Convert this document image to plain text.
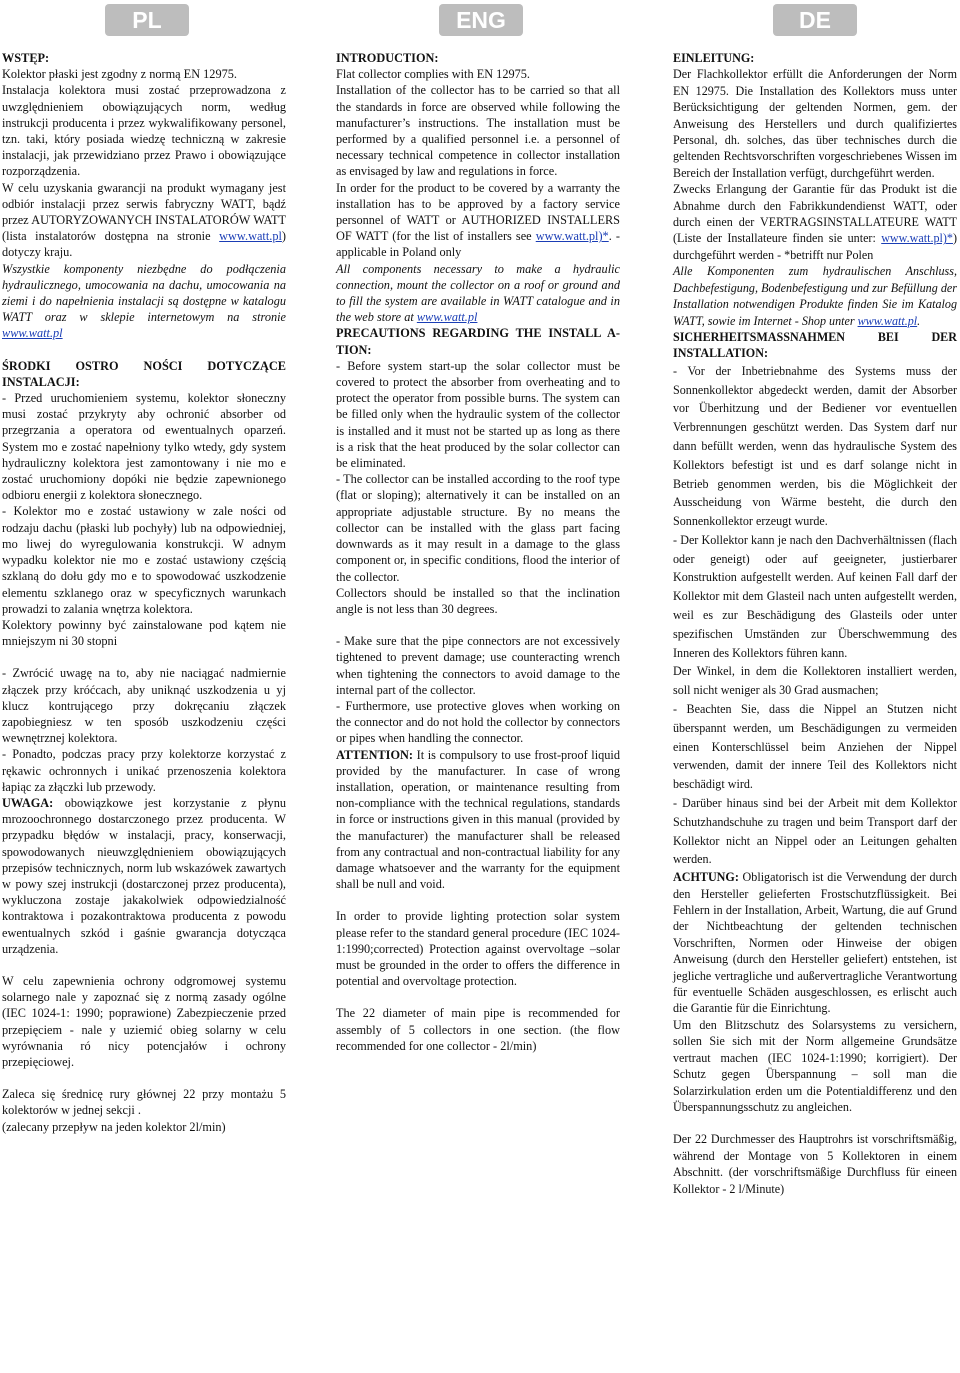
PL	ENG	DE

WSTĘP:

Kolektor płaski jest zgodny z normą EN 12975.

Instalacja kolektora musi zostać przeprowadzona z uwzględnieniem obowiązujących norm, według instrukcji producenta i przez wykwalifikowany personel, tzn. taki, który posiada wiedzę techniczną w zakresie instalacji, jak przewidziano przez Prawo i obowiązujące rozporządzenia.

W celu uzyskania gwarancji na produkt wymagany jest odbiór instalacji przez serwis fabryczny WATT, bądź przez AUTORYZOWANYCH INSTALATORÓW WATT (lista instalatorów dostępna na stronie www.watt.pl) dotyczy kraju.

Wszystkie komponenty niezbędne do podłączenia hydraulicznego, umocowania na dachu, umocowania na ziemi i do napełnienia instalacji są dostępne w katalogu WATT oraz w sklepie internetowym na stronie www.watt.pl

ŚRODKI OSTRO NOŚCI DOTYCZĄCE INSTALACJI:

- Przed uruchomieniem systemu, kolektor słoneczny musi zostać przykryty aby ochronić absorber od przegrzania a operatora od ewentualnych oparzeń. System mo e zostać napełniony tylko wtedy, gdy system hydrauliczny kolektora jest zamontowany i nie mo e zostać uruchomiony dopóki nie będzie zapewnionego odbioru energii z kolektora słonecznego.

- Kolektor mo e zostać ustawiony w zale ności od rodzaju dachu (płaski lub pochyły) lub na odpowiedniej, mo liwej do wyregulowania konstrukcji. W adnym wypadku kolektor nie mo e zostać ustawiony częścią szklaną do dołu gdy mo e to spowodować uszkodzenie elementu szklanego oraz w specyficznych warunkach prowadzi to zalania wnętrza kolektora.

Kolektory powinny być zainstalowane pod kątem nie mniejszym ni 30 stopni

- Zwrócić uwagę na to, aby nie naciągać nadmiernie złączek przy króćcach, aby uniknąć uszkodzenia u yj klucz kontrującego przy dokręcaniu złączek zapobiegniesz w ten sposób uszkodzeniu części wewnętrznej kolektora.

- Ponadto, podczas pracy przy kolektorze korzystać z rękawic ochronnych i unikać przenoszenia kolektora łapiąc za złączki lub przewody.

UWAGA: obowiązkowe jest korzystanie z płynu mrozoochronnego dostarczonego przez producenta. W przypadku błędów w instalacji, pracy, konserwacji, spowodowanych nieuwzględnieniem obowiązujących przepisów technicznych, norm lub wskazówek zawartych w powy szej instrukcji (dostarczonej przez producenta), wykluczona zostaje jakakolwiek odpowiedzialność kontraktowa i pozakontraktowa producenta z powodu ewentualnych szkód i gaśnie gwarancja dotycząca urządzenia.

W celu zapewnienia ochrony odgromowej systemu solarnego nale y zapoznać się z normą zasady ogólne (IEC 1024-1: 1990; poprawione) Zabezpieczenie przed przepięciem - nale y uziemić obieg solarny w celu wyrównania ró nicy potencjałów i ochrony przepięciowej.

Zaleca się średnicę rury głównej 22 przy montażu 5 kolektorów w jednej sekcji .

(zalecany przepływ na jeden kolektor 2l/min)

INTRODUCTION:

Flat collector complies with EN 12975.

Installation of the collector has to be carried so that all the standards in force are observed while following the manufacturer’s instructions. The installation must be performed by a qualified personnel i.e. a personnel of necessary technical competence in collector installation as envisaged by law and regulations in force.

In order for the product to be covered by a warranty the installation has to be approved by a factory service personnel of WATT or AUTHORIZED INSTALLERS OF WATT (for the list of installers see www.watt.pl)*. - applicable in Poland only

All components necessary to make a hydraulic connection, mount the collector on a roof or ground and to fill the system are available in WATT catalogue and in the web store at www.watt.pl

PRECAUTIONS REGARDING THE INSTALL A-TION:

- Before system start-up the solar collector must be covered to protect the absorber from overheating and to protect the operator from possible burns. The system can be filled only when the hydraulic system of the collector is installed and it must not be started up as long as there is a risk that the heat produced by the solar collector can be eliminated.

- The collector can be installed according to the roof type (flat or sloping); alternatively it can be installed on an appropriate adjustable structure. By no means the collector can be installed with the glass part facing downwards as it may result in a damage to the glass component or, in specific conditions, flood the interior of the collector.

Collectors should be installed so that the inclination angle is not less than 30 degrees.

- Make sure that the pipe connectors are not excessively tightened to prevent damage; use counteracting wrench when tightening the connectors to avoid damage to the internal part of the collector.

- Furthermore, use protective gloves when working on the connector and do not hold the collector by connectors or pipes when handling the connector.

ATTENTION: It is compulsory to use frost-proof liquid provided by the manufacturer. In case of wrong installation, operation, or maintenance resulting from non-compliance with the technical regulations, standards in force or instructions given in this manual (provided by the manufacturer) the manufacturer shall be released from any contractual and non-contractual liability for any damage whatsoever and the warranty for the equipment shall be null and void.

In order to provide lighting protection solar system please refer to the standard general procedure (IEC 1024-1:1990;corrected) Protection against overvoltage –solar must be grounded in the order to offers the difference in potential and overvoltage protection.

The 22 diameter of main pipe is recommended for assembly of 5 collectors in one section. (the flow recommended for one collector - 2l/min)

EINLEITUNG:

Der Flachkollektor erfüllt die Anforderungen der Norm EN 12975. Die Installation des Kollektors muss unter Berücksichtigung der geltenden Normen, gem. der Anweisung des Herstellers und durch qualifiziertes Personal, dh. solches, das über technisches durch die geltenden Rechtsvorschriften vorgeschriebenes Wissen im Bereich der Installation verfügt, durchgeführt werden.

Zwecks Erlangung der Garantie für das Produkt ist die Abnahme durch den Fabrikkundendienst WATT, oder durch einen der VERTRAGSINSTALLATEURE WATT (Liste der Installateure finden sie unter: www.watt.pl)*) durchgeführt werden - *betrifft nur Polen

Alle Komponenten zum hydraulischen Anschluss, Dachbefestigung, Bodenbefestigung und zur Befüllung der Installation notwendigen Produkte finden Sie im Katalog WATT, sowie im Internet - Shop unter www.watt.pl.

SICHERHEITSMASSNAHMEN BEI DER INSTALLATION:

- Vor der Inbetriebnahme des Systems muss der Sonnenkollektor abgedeckt werden, damit der Absorber vor Überhitzung und der Bediener vor eventuellen Verbrennungen geschützt werden. Das System darf nur dann befüllt werden, wenn das hydraulische System des Kollektors befestigt ist und es darf solange nicht in Betrieb genommen werden, bis die Möglichkeit der Ausscheidung von Wärme besteht, die durch den Sonnenkollektor erzeugt wurde.

- Der Kollektor kann je nach den Dachverhältnissen (flach oder geneigt) oder auf geeigneter, justierbarer Konstruktion aufgestellt werden. Auf keinen Fall darf der Kollektor mit dem Glasteil nach unten aufgestellt werden, weil es zur Beschädigung des Glasteils oder unter spezifischen Umständen zur Überschwemmung des Inneren des Kollektors führen kann.

Der Winkel, in dem die Kollektoren installiert werden, soll nicht weniger als 30 Grad ausmachen;

- Beachten Sie, dass die Nippel an Stutzen nicht überspannt werden, um Beschädigungen zu vermeiden einen Konterschlüssel beim Anziehen der Nippel verwenden, damit der innere Teil des Kollektors nicht beschädigt wird.

- Darüber hinaus sind bei der Arbeit mit dem Kollektor Schutzhandschuhe zu tragen und beim Transport darf der Kollektor nicht an Nippel oder an Leitungen gehalten werden.

ACHTUNG: Obligatorisch ist die Verwendung der durch den Hersteller gelieferten Frostschutzflüssigkeit. Bei Fehlern in der Installation, Arbeit, Wartung, die auf Grund der Nichtbeachtung der geltenden technischen Vorschriften, Normen oder Hinweise der obigen Anweisung (durch den Hersteller geliefert) entstehen, ist jegliche vertragliche und außervertragliche Verantwortung für eventuelle Schäden ausgeschlossen, es erlischt auch die Garantie für die Einrichtung.

Um den Blitzschutz des Solarsystems zu versichern, sollen Sie sich mit der Norm allgemeine Grundsätze vertraut machen (IEC 1024-1:1990; korrigiert). Der Schutz gegen Überspannung – soll man die Solarzirkulation erden um die Potentialdifferenz und den Überspannungsschutz zu angleichen.

Der 22 Durchmesser des Hauptrohrs ist vorschriftsmäßig, während der Montage von 5 Kollektoren in einem Abschnitt. (der vorschriftsmäßige Durchfluss für eineen Kollektor - 2 l/Minute)
